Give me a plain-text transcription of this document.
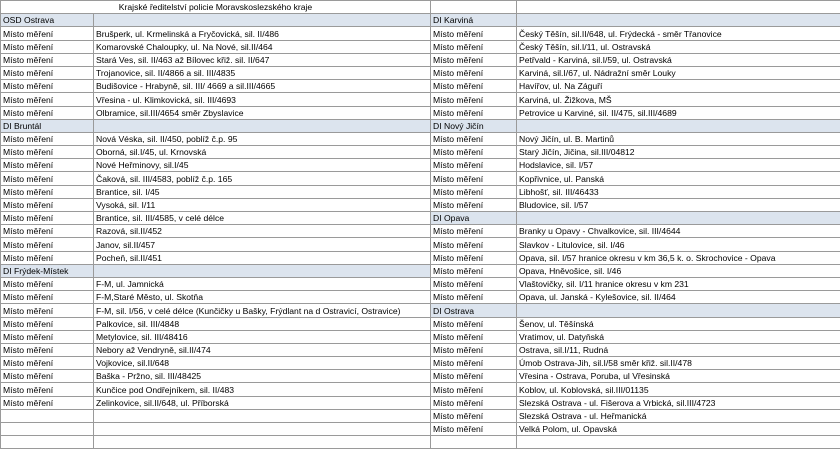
Krajské ředitelství policie Moravskoslezského kraje			
OSD Ostrava		DI Karviná	
Místo měření	Brušperk, ul. Krmelinská a Fryčovická, sil. II/486	Místo měření	Český Těšín, sil.II/648, ul. Frýdecká - směr Třanovice
Místo měření	Komarovské Chaloupky, ul. Na Nové, sil.II/464	Místo měření	Český Těšín, sil.I/11, ul. Ostravská
Místo měření	Stará Ves, sil. II/463 až Bílovec křiž. sil. II/647	Místo měření	Petřvald - Karviná, sil.I/59, ul. Ostravská
Místo měření	Trojanovice, sil. II/4866 a sil. III/4835	Místo měření	Karviná, sil.I/67, ul. Nádražní směr Louky
Místo měření	Budišovice - Hrabyně, sil. III/ 4669 a sil.III/4665	Místo měření	Havířov, ul. Na Záguří
Místo měření	Vřesina - ul. Klimkovická, sil. III/4693	Místo měření	Karviná, ul. Žižkova, MŠ
Místo měření	Olbramice, sil.III/4654 směr Zbyslavice	Místo měření	Petrovice u Karviné, sil. II/475, sil.III/4689
DI Bruntál		DI Nový Jičín	
Místo měření	Nová Véska, sil. II/450, poblíž č.p. 95	Místo měření	Nový Jičín, ul. B. Martinů
Místo měření	Oborná, sil.I/45, ul. Krnovská	Místo měření	Starý Jičín, Jičina, sil.III/04812
Místo měření	Nové Heřminovy, sil.I/45	Místo měření	Hodslavice, sil. I/57
Místo měření	Čaková, sil. III/4583, poblíž č.p. 165	Místo měření	Kopřivnice, ul. Panská
Místo měření	Brantice, sil. I/45	Místo měření	Libhošť, sil. III/46433
Místo měření	Vysoká, sil. I/11	Místo měření	Bludovice, sil. I/57
Místo měření	Brantice, sil. III/4585, v celé délce	DI Opava	
Místo měření	Razová, sil.II/452	Místo měření	Branky u Opavy - Chvalkovice, sil. III/4644
Místo měření	Janov, sil.II/457	Místo měření	Slavkov - Litulovice, sil. I/46
Místo měření	Pocheň, sil.II/451	Místo měření	Opava, sil. I/57 hranice okresu v km 36,5 k. o. Skrochovice - Opava
DI Frýdek-Místek		Místo měření	Opava, Hněvošice, sil. I/46
Místo měření	F-M, ul. Jamnická	Místo měření	Vlaštovičky, sil. I/11 hranice okresu v km 231
Místo měření	F-M,Staré Město, ul. Skotňa	Místo měření	Opava, ul. Janská - Kylešovice, sil. II/464
Místo měření	F-M, sil. I/56, v celé délce (Kunčičky u Bašky, Frýdlant na d Ostravicí, Ostravice)	DI Ostrava	
Místo měření	Palkovice, sil. III/4848	Místo měření	Šenov, ul. Těšínská
Místo měření	Metylovice, sil. III/48416	Místo měření	Vratimov, ul. Datyňská
Místo měření	Nebory až Vendryně, sil.II/474	Místo měření	Ostrava, sil.I/11, Rudná
Místo měření	Vojkovice, sil.II/648	Místo měření	Úmob Ostrava-Jih, sil.I/58 směr křiž. sil.II/478
Místo měření	Baška - Pržno, sil. III/48425	Místo měření	Vřesina - Ostrava, Poruba, ul Vřesinská
Místo měření	Kunčice pod Ondřejníkem, sil. II/483	Místo měření	Koblov, ul. Koblovská, sil.III/01135
Místo měření	Zelinkovice, sil.II/648, ul. Příborská	Místo měření	Slezská Ostrava - ul. Fišerova a Vrbická, sil.III/4723
		Místo měření	Slezská Ostrava - ul. Heřmanická
		Místo měření	Velká Polom, ul. Opavská
